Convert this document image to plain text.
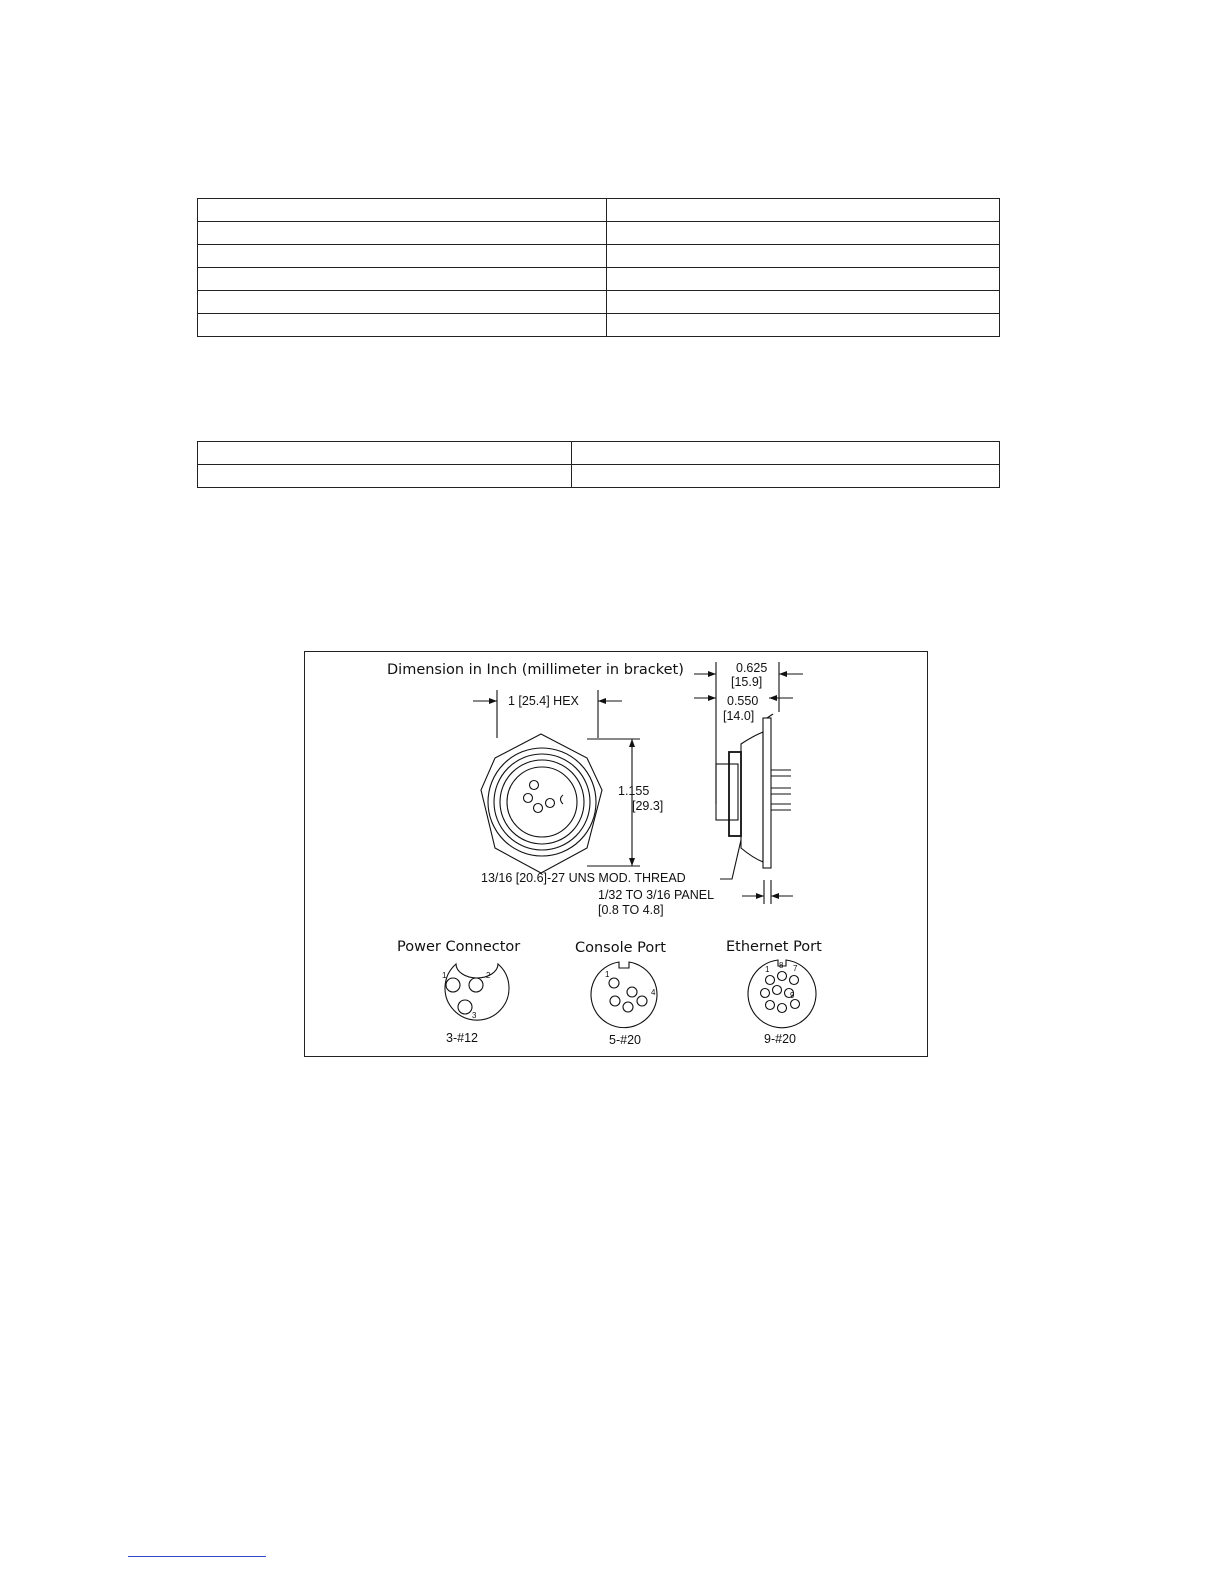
Dimension in Inch (millimeter in bracket)
1 [25.4] HEX
1.155
[29.3]
0.625
[15.9]
0.550
[14.0]
13/16 [20.6]-27 UNS MOD. THREAD
1/32 TO 3/16 PANEL
[0.8 TO 4.8]
Power Connector
1	2
3
3-#12
Console Port
1
4
5-#20
Ethernet Port
1 8 7
9
9-#20
